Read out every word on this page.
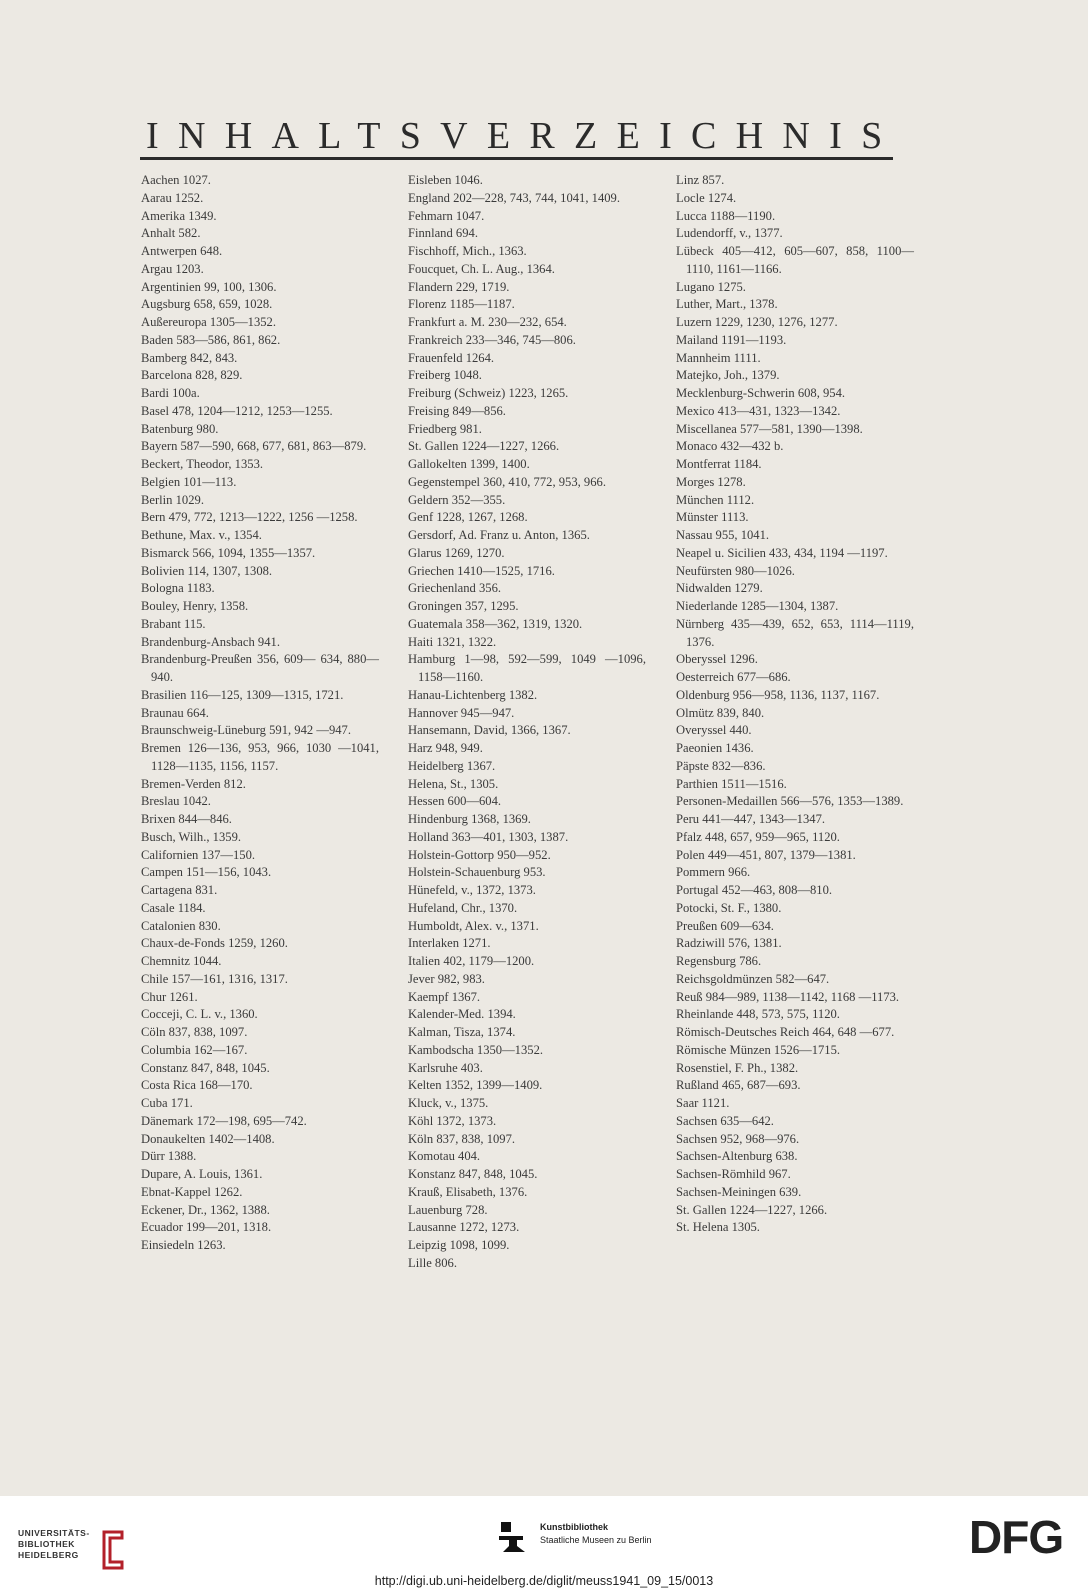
INHALTSVERZEICHNIS

Aachen 1027.

Aarau 1252.

Amerika 1349.

Anhalt 582.

Antwerpen 648.

Argau 1203.

Argentinien 99, 100, 1306.

Augsburg 658, 659, 1028.

Außereuropa 1305—1352.

Baden 583—586, 861, 862.

Bamberg 842, 843.

Barcelona 828, 829.

Bardi 100a.

Basel 478, 1204—1212, 1253—1255.

Batenburg 980.

Bayern 587—590, 668, 677, 681, 863—879.

Beckert, Theodor, 1353.

Belgien 101—113.

Berlin 1029.

Bern 479, 772, 1213—1222, 1256 —1258.

Bethune, Max. v., 1354.

Bismarck 566, 1094, 1355—1357.

Bolivien 114, 1307, 1308.

Bologna 1183.

Bouley, Henry, 1358.

Brabant 115.

Brandenburg-Ansbach 941.

Brandenburg-Preußen 356, 609— 634, 880—940.

Brasilien 116—125, 1309—1315, 1721.

Braunau 664.

Braunschweig-Lüneburg 591, 942 —947.

Bremen 126—136, 953, 966, 1030 —1041, 1128—1135, 1156, 1157.

Bremen-Verden 812.

Breslau 1042.

Brixen 844—846.

Busch, Wilh., 1359.

Californien 137—150.

Campen 151—156, 1043.

Cartagena 831.

Casale 1184.

Catalonien 830.

Chaux-de-Fonds 1259, 1260.

Chemnitz 1044.

Chile 157—161, 1316, 1317.

Chur 1261.

Cocceji, C. L. v., 1360.

Cöln 837, 838, 1097.

Columbia 162—167.

Constanz 847, 848, 1045.

Costa Rica 168—170.

Cuba 171.

Dänemark 172—198, 695—742.

Donaukelten 1402—1408.

Dürr 1388.

Dupare, A. Louis, 1361.

Ebnat-Kappel 1262.

Eckener, Dr., 1362, 1388.

Ecuador 199—201, 1318.

Einsiedeln 1263.

Eisleben 1046.

England 202—228, 743, 744, 1041, 1409.

Fehmarn 1047.

Finnland 694.

Fischhoff, Mich., 1363.

Foucquet, Ch. L. Aug., 1364.

Flandern 229, 1719.

Florenz 1185—1187.

Frankfurt a. M. 230—232, 654.

Frankreich 233—346, 745—806.

Frauenfeld 1264.

Freiberg 1048.

Freiburg (Schweiz) 1223, 1265.

Freising 849—856.

Friedberg 981.

St. Gallen 1224—1227, 1266.

Gallokelten 1399, 1400.

Gegenstempel 360, 410, 772, 953, 966.

Geldern 352—355.

Genf 1228, 1267, 1268.

Gersdorf, Ad. Franz u. Anton, 1365.

Glarus 1269, 1270.

Griechen 1410—1525, 1716.

Griechenland 356.

Groningen 357, 1295.

Guatemala 358—362, 1319, 1320.

Haiti 1321, 1322.

Hamburg 1—98, 592—599, 1049 —1096, 1158—1160.

Hanau-Lichtenberg 1382.

Hannover 945—947.

Hansemann, David, 1366, 1367.

Harz 948, 949.

Heidelberg 1367.

Helena, St., 1305.

Hessen 600—604.

Hindenburg 1368, 1369.

Holland 363—401, 1303, 1387.

Holstein-Gottorp 950—952.

Holstein-Schauenburg 953.

Hünefeld, v., 1372, 1373.

Hufeland, Chr., 1370.

Humboldt, Alex. v., 1371.

Interlaken 1271.

Italien 402, 1179—1200.

Jever 982, 983.

Kaempf 1367.

Kalender-Med. 1394.

Kalman, Tisza, 1374.

Kambodscha 1350—1352.

Karlsruhe 403.

Kelten 1352, 1399—1409.

Kluck, v., 1375.

Köhl 1372, 1373.

Köln 837, 838, 1097.

Komotau 404.

Konstanz 847, 848, 1045.

Krauß, Elisabeth, 1376.

Lauenburg 728.

Lausanne 1272, 1273.

Leipzig 1098, 1099.

Lille 806.

Linz 857.

Locle 1274.

Lucca 1188—1190.

Ludendorff, v., 1377.

Lübeck 405—412, 605—607, 858, 1100—1110, 1161—1166.

Lugano 1275.

Luther, Mart., 1378.

Luzern 1229, 1230, 1276, 1277.

Mailand 1191—1193.

Mannheim 1111.

Matejko, Joh., 1379.

Mecklenburg-Schwerin 608, 954.

Mexico 413—431, 1323—1342.

Miscellanea 577—581, 1390—1398.

Monaco 432—432 b.

Montferrat 1184.

Morges 1278.

München 1112.

Münster 1113.

Nassau 955, 1041.

Neapel u. Sicilien 433, 434, 1194 —1197.

Neufürsten 980—1026.

Nidwalden 1279.

Niederlande 1285—1304, 1387.

Nürnberg 435—439, 652, 653, 1114—1119, 1376.

Oberyssel 1296.

Oesterreich 677—686.

Oldenburg 956—958, 1136, 1137, 1167.

Olmütz 839, 840.

Overyssel 440.

Paeonien 1436.

Päpste 832—836.

Parthien 1511—1516.

Personen-Medaillen 566—576, 1353—1389.

Peru 441—447, 1343—1347.

Pfalz 448, 657, 959—965, 1120.

Polen 449—451, 807, 1379—1381.

Pommern 966.

Portugal 452—463, 808—810.

Potocki, St. F., 1380.

Preußen 609—634.

Radziwill 576, 1381.

Regensburg 786.

Reichsgoldmünzen 582—647.

Reuß 984—989, 1138—1142, 1168 —1173.

Rheinlande 448, 573, 575, 1120.

Römisch-Deutsches Reich 464, 648 —677.

Römische Münzen 1526—1715.

Rosenstiel, F. Ph., 1382.

Rußland 465, 687—693.

Saar 1121.

Sachsen 635—642.

Sachsen 952, 968—976.

Sachsen-Altenburg 638.

Sachsen-Römhild 967.

Sachsen-Meiningen 639.

St. Gallen 1224—1227, 1266.

St. Helena 1305.

UNIVERSITÄTS- BIBLIOTHEK HEIDELBERG
Kunstbibliothek
Staatliche Museen zu Berlin	DFG
http://digi.ub.uni-heidelberg.de/diglit/meuss1941_09_15/0013
